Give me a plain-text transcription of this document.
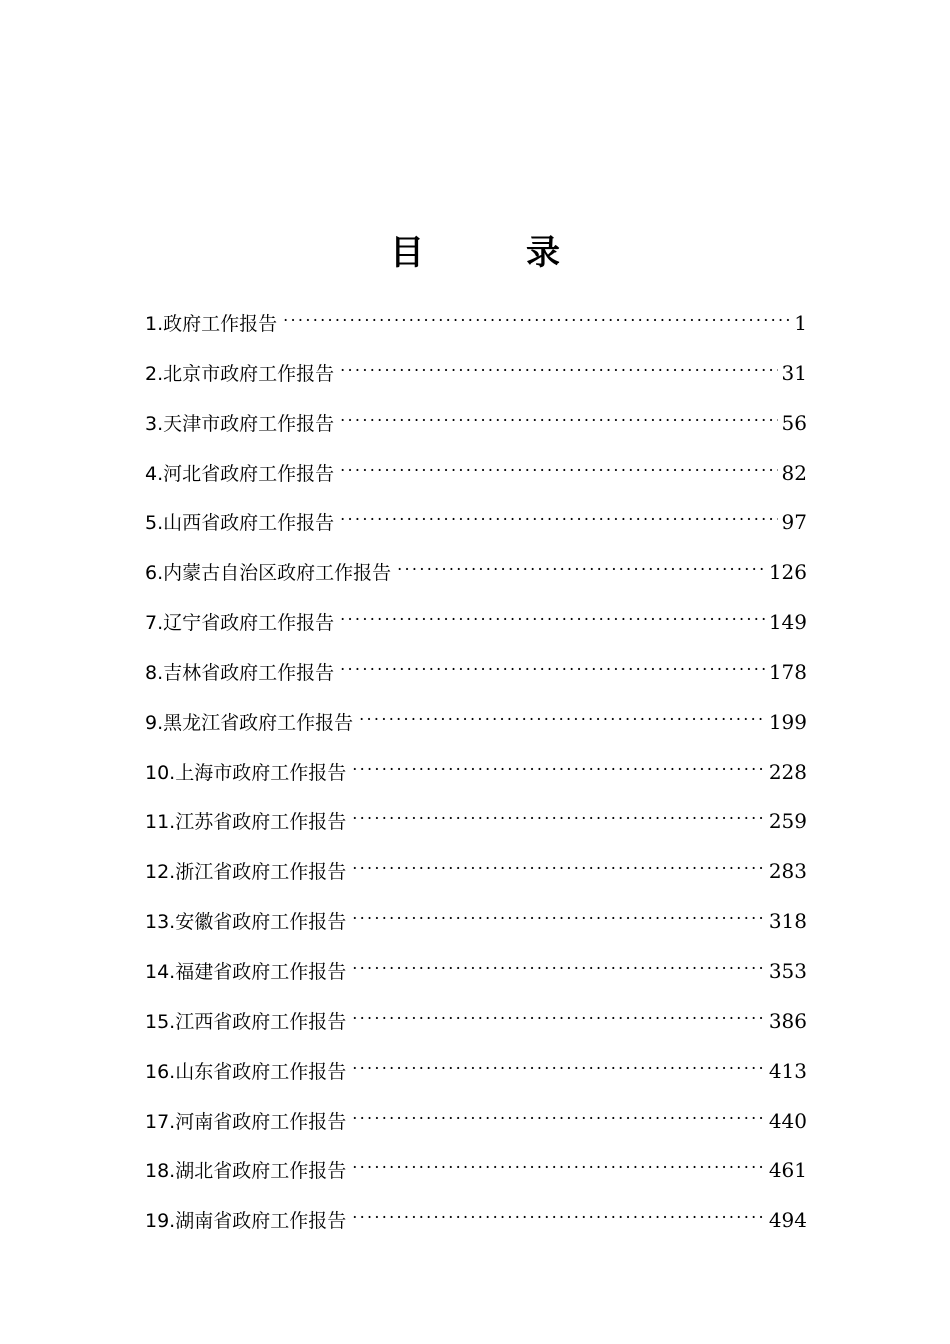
目　录
1.政府工作报告 .....	1
2.北京市政府工作报告 .....	31
3.天津市政府工作报告 .....	56
4.河北省政府工作报告 .....	82
5.山西省政府工作报告 .....	97
6.内蒙古自治区政府工作报告 .....	126
7.辽宁省政府工作报告 .....	149
8.吉林省政府工作报告 .....	178
9.黑龙江省政府工作报告 .....	199
10.上海市政府工作报告 .....	228
11.江苏省政府工作报告 .....	259
12.浙江省政府工作报告 .....	283
13.安徽省政府工作报告 .....	318
14.福建省政府工作报告 .....	353
15.江西省政府工作报告 .....	386
16.山东省政府工作报告 .....	413
17.河南省政府工作报告 .....	440
18.湖北省政府工作报告 .....	461
19.湖南省政府工作报告 .....	494
